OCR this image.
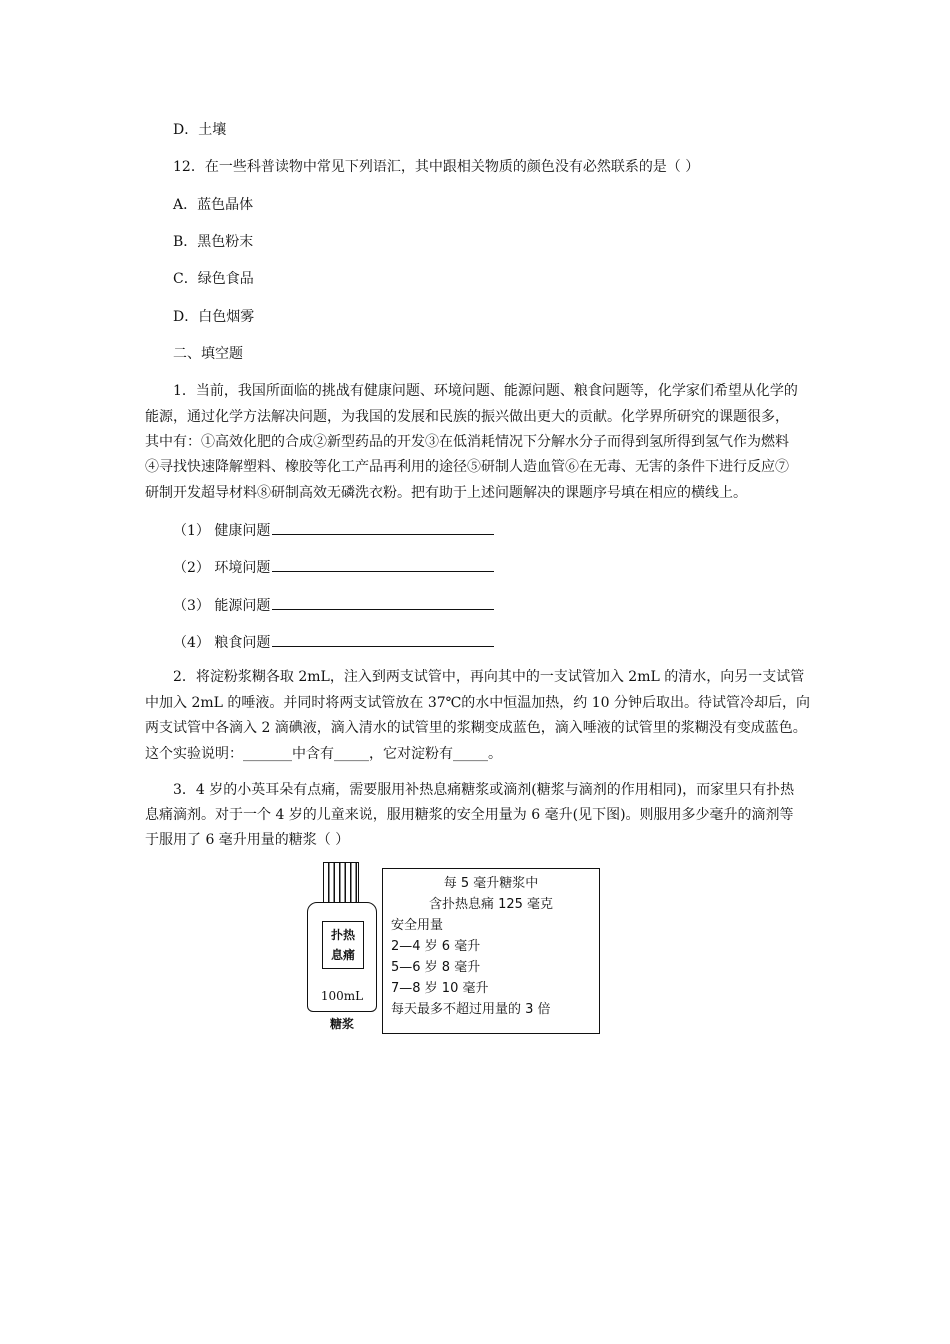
D．土壤
12．在一些科普读物中常见下列语汇，其中跟相关物质的颜色没有必然联系的是（ ）
A．蓝色晶体
B．黑色粉末
C．绿色食品
D．白色烟雾
二、填空题
1．当前，我国所面临的挑战有健康问题、环境问题、能源问题、粮食问题等，化学家们希望从化学的
能源，通过化学方法解决问题，为我国的发展和民族的振兴做出更大的贡献。化学界所研究的课题很多，
其中有：①高效化肥的合成②新型药品的开发③在低消耗情况下分解水分子而得到氢所得到氢气作为燃料
④寻找快速降解塑料、橡胶等化工产品再利用的途径⑤研制人造血管⑥在无毒、无害的条件下进行反应⑦
研制开发超导材料⑧研制高效无磷洗衣粉。把有助于上述问题解决的课题序号填在相应的横线上。
（1） 健康问题
（2） 环境问题
（3） 能源问题
（4） 粮食问题
2．将淀粉浆糊各取 2mL，注入到两支试管中，再向其中的一支试管加入 2mL 的清水，向另一支试管
中加入 2mL 的唾液。并同时将两支试管放在 37℃的水中恒温加热，约 10 分钟后取出。待试管冷却后，向
两支试管中各滴入 2 滴碘液，滴入清水的试管里的浆糊变成蓝色，滴入唾液的试管里的浆糊没有变成蓝色。
这个实验说明：_______中含有_____，它对淀粉有_____。
3．4 岁的小英耳朵有点痛，需要服用补热息痛糖浆或滴剂(糖浆与滴剂的作用相同)，而家里只有扑热
息痛滴剂。对于一个 4 岁的儿童来说，服用糖浆的安全用量为 6 毫升(见下图)。则服用多少毫升的滴剂等
于服用了 6 毫升用量的糖浆（ ）
扑热
息痛
100mL
糖浆
每 5 毫升糖浆中
含扑热息痛 125 毫克
安全用量
2—4 岁 6 毫升
5—6 岁 8 毫升
7—8 岁 10 毫升
每天最多不超过用量的 3 倍
